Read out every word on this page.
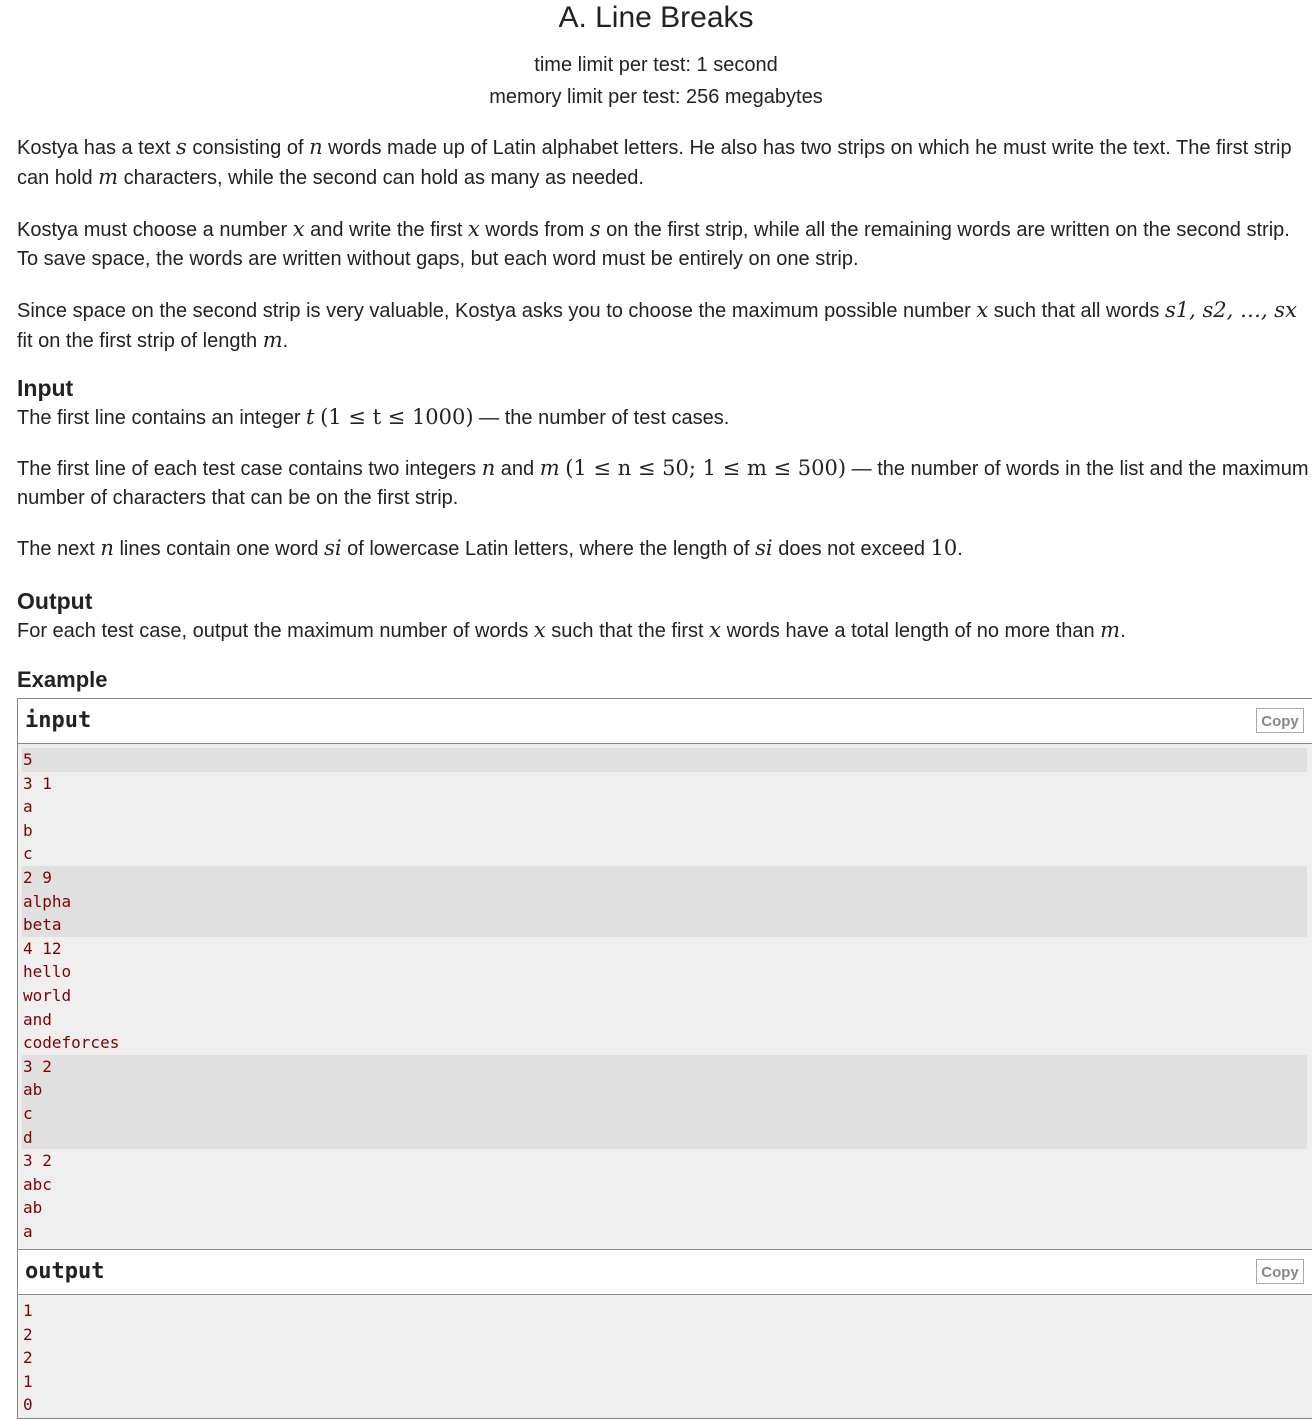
A. Line Breaks
time limit per test: 1 second
memory limit per test: 256 megabytes

Kostya has a text s consisting of n words made up of Latin alphabet letters. He also has two strips on which he must write the text. The first strip can hold m characters, while the second can hold as many as needed.

Kostya must choose a number x and write the first x words from s on the first strip, while all the remaining words are written on the second strip. To save space, the words are written without gaps, but each word must be entirely on one strip.

Since space on the second strip is very valuable, Kostya asks you to choose the maximum possible number x such that all words s1, s2, …, sx fit on the first strip of length m.

Input

The first line contains an integer t (1 ≤ t ≤ 1000) — the number of test cases.

The first line of each test case contains two integers n and m (1 ≤ n ≤ 50; 1 ≤ m ≤ 500) — the number of words in the list and the maximum number of characters that can be on the first strip.

The next n lines contain one word si of lowercase Latin letters, where the length of si does not exceed 10.

Output

For each test case, output the maximum number of words x such that the first x words have a total length of no more than m.

Example
input	Copy
5
3 1
a
b
c
2 9
alpha
beta
4 12
hello
world
and
codeforces
3 2
ab
c
d
3 2
abc
ab
a
output	Copy
1
2
2
1
0
